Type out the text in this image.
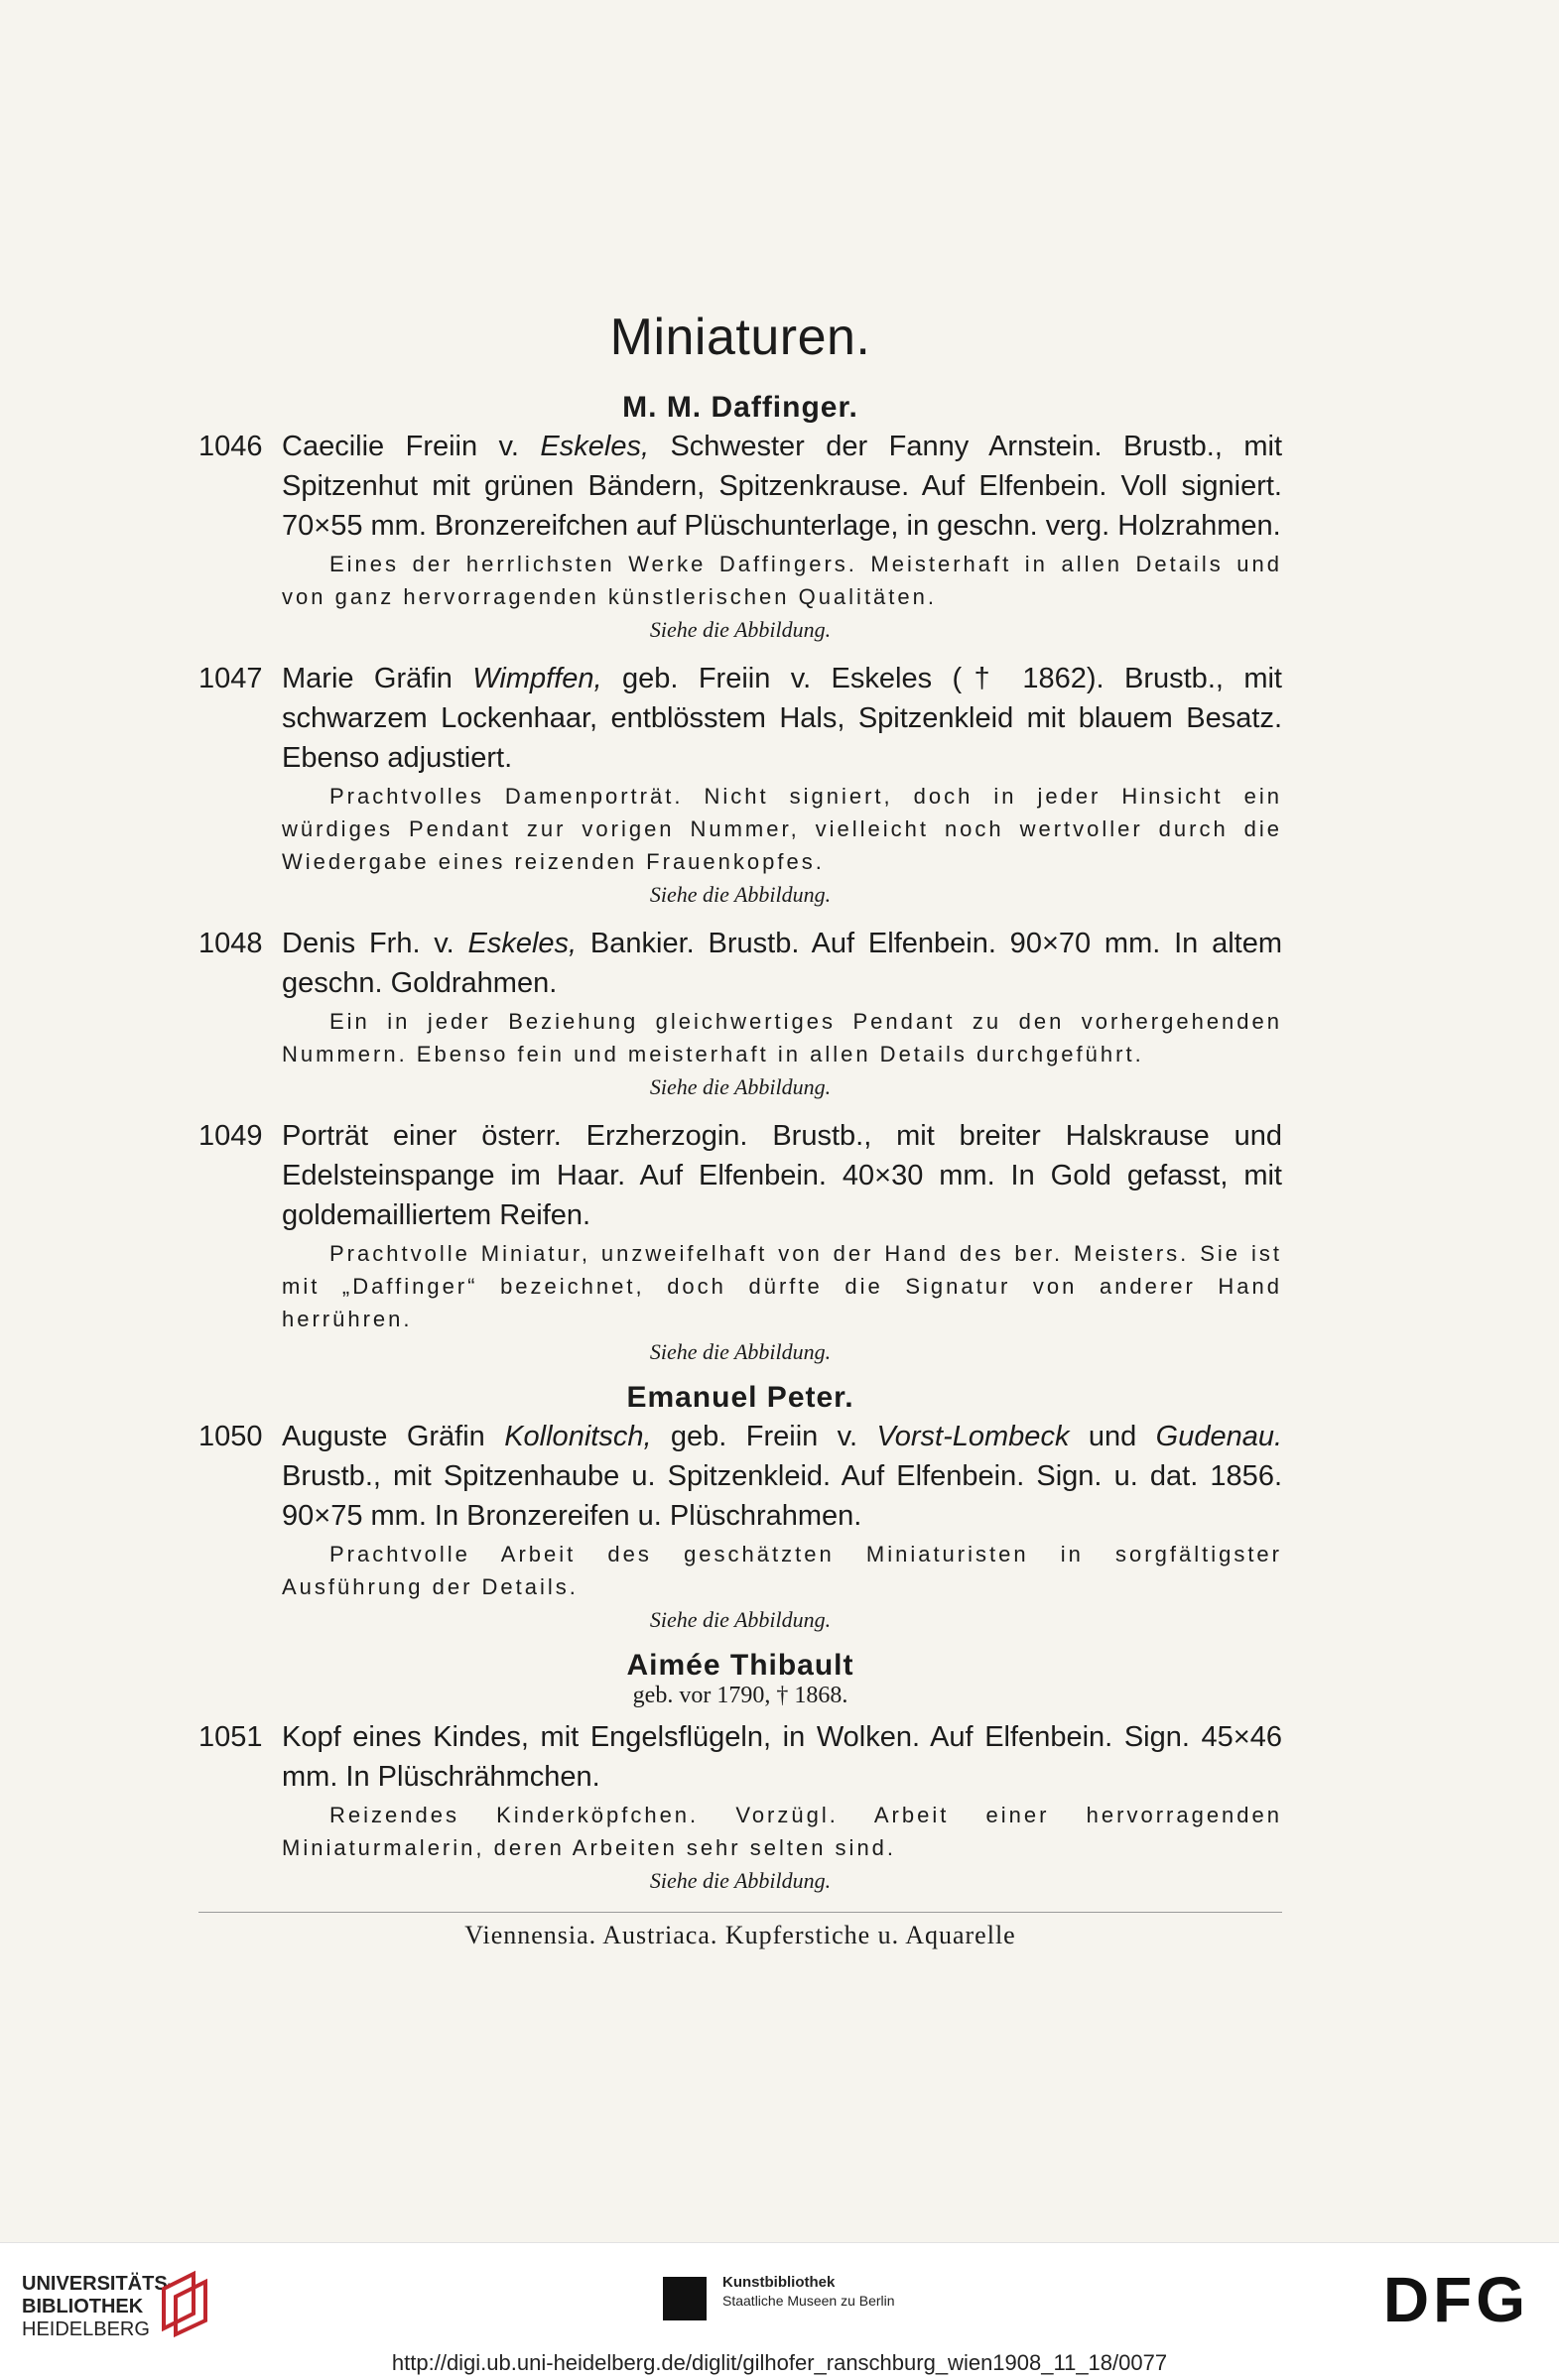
Miniaturen.
M. M. Daffinger.
1046 Caecilie Freiin v. Eskeles, Schwester der Fanny Arnstein. Brustb., mit Spitzenhut mit grünen Bändern, Spitzenkrause. Auf Elfenbein. Voll signiert. 70×55 mm. Bronzereifchen auf Plüschunterlage, in geschn. verg. Holzrahmen.
Eines der herrlichsten Werke Daffingers. Meisterhaft in allen Details und von ganz hervorragenden künstlerischen Qualitäten.
Siehe die Abbildung.
1047 Marie Gräfin Wimpffen, geb. Freiin v. Eskeles († 1862). Brustb., mit schwarzem Lockenhaar, entblösstem Hals, Spitzenkleid mit blauem Besatz. Ebenso adjustiert.
Prachtvolles Damenporträt. Nicht signiert, doch in jeder Hinsicht ein würdiges Pendant zur vorigen Nummer, vielleicht noch wertvoller durch die Wiedergabe eines reizenden Frauenkopfes.
Siehe die Abbildung.
1048 Denis Frh. v. Eskeles, Bankier. Brustb. Auf Elfenbein. 90×70 mm. In altem geschn. Goldrahmen.
Ein in jeder Beziehung gleichwertiges Pendant zu den vorhergehenden Nummern. Ebenso fein und meisterhaft in allen Details durchgeführt.
Siehe die Abbildung.
1049 Porträt einer österr. Erzherzogin. Brustb., mit breiter Halskrause und Edelsteinspange im Haar. Auf Elfenbein. 40×30 mm. In Gold gefasst, mit goldemailliertem Reifen.
Prachtvolle Miniatur, unzweifelhaft von der Hand des ber. Meisters. Sie ist mit „Daffinger“ bezeichnet, doch dürfte die Signatur von anderer Hand herrühren.
Siehe die Abbildung.
Emanuel Peter.
1050 Auguste Gräfin Kollonitsch, geb. Freiin v. Vorst-Lombeck und Gudenau. Brustb., mit Spitzenhaube u. Spitzenkleid. Auf Elfenbein. Sign. u. dat. 1856. 90×75 mm. In Bronzereifen u. Plüschrahmen.
Prachtvolle Arbeit des geschätzten Miniaturisten in sorgfältigster Ausführung der Details.
Siehe die Abbildung.
Aimée Thibault
geb. vor 1790, † 1868.
1051 Kopf eines Kindes, mit Engelsflügeln, in Wolken. Auf Elfenbein. Sign. 45×46 mm. In Plüschrähmchen.
Reizendes Kinderköpfchen. Vorzügl. Arbeit einer hervorragenden Miniaturmalerin, deren Arbeiten sehr selten sind.
Siehe die Abbildung.
Viennensia. Austriaca. Kupferstiche u. Aquarelle
UNIVERSITÄTS-
BIBLIOTHEK
HEIDELBERG
Kunstbibliothek
Staatliche Museen zu Berlin	DFG
http://digi.ub.uni-heidelberg.de/diglit/gilhofer_ranschburg_wien1908_11_18/0077
